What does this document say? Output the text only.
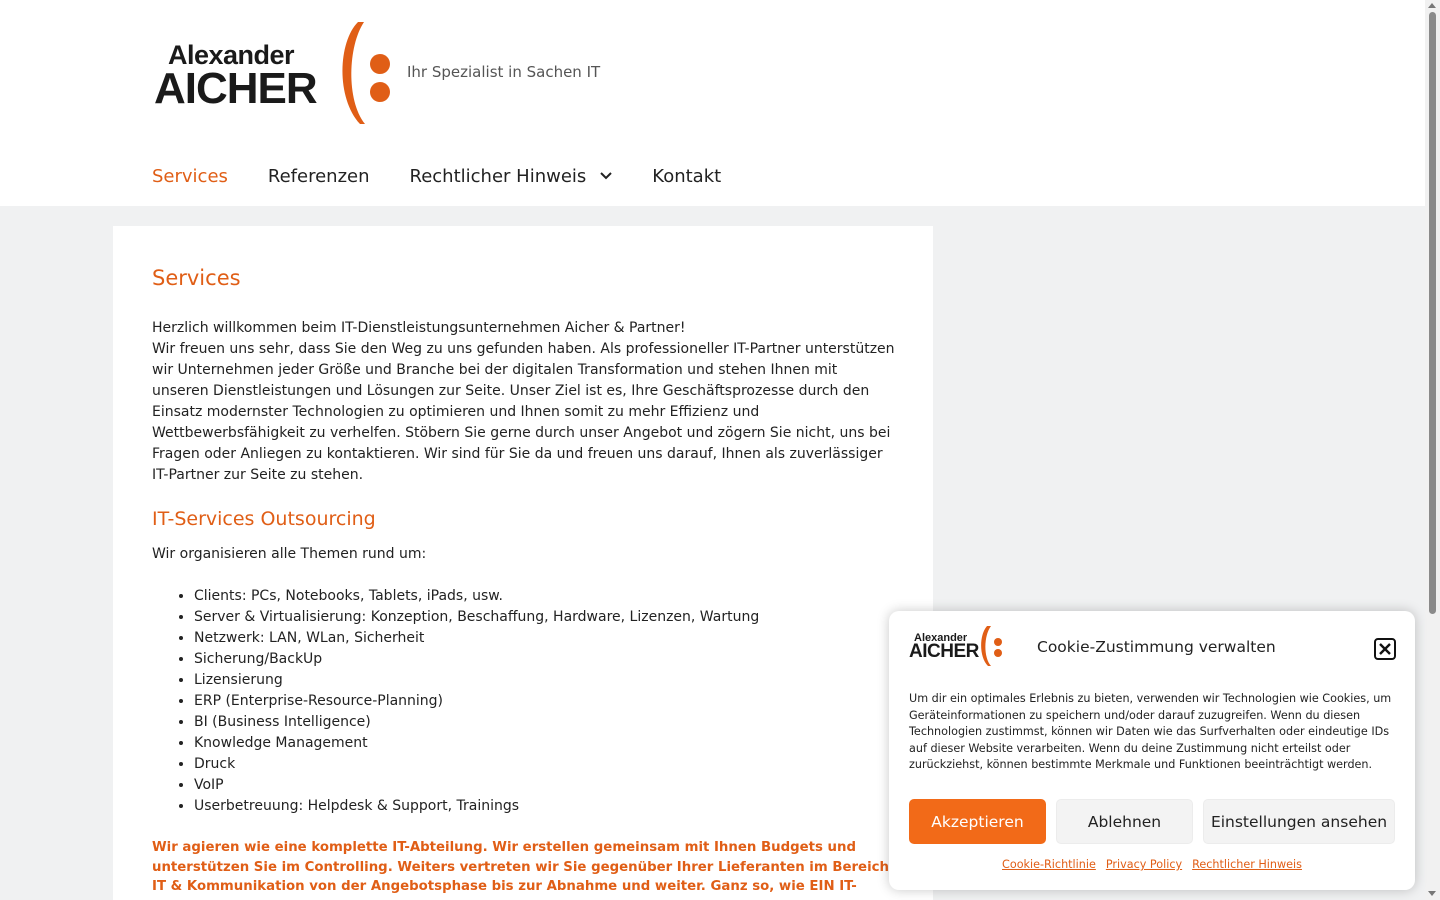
Alexander
AICHER	Ihr Spezialist in Sachen IT
Services Referenzen Rechtlicher Hinweis	Kontakt
Services

Herzlich willkommen beim IT-Dienstleistungsunternehmen Aicher & Partner!
Wir freuen uns sehr, dass Sie den Weg zu uns gefunden haben. Als professioneller IT-Partner unterstützen wir Unternehmen jeder Größe und Branche bei der digitalen Transformation und stehen Ihnen mit unseren Dienstleistungen und Lösungen zur Seite. Unser Ziel ist es, Ihre Geschäftsprozesse durch den Einsatz modernster Technologien zu optimieren und Ihnen somit zu mehr Effizienz und Wettbewerbsfähigkeit zu verhelfen. Stöbern Sie gerne durch unser Angebot und zögern Sie nicht, uns bei Fragen oder Anliegen zu kontaktieren. Wir sind für Sie da und freuen uns darauf, Ihnen als zuverlässiger IT-Partner zur Seite zu stehen.

IT-Services Outsourcing

Wir organisieren alle Themen rund um:

• Clients: PCs, Notebooks, Tablets, iPads, usw.
• Server & Virtualisierung: Konzeption, Beschaffung, Hardware, Lizenzen, Wartung
• Netzwerk: LAN, WLan, Sicherheit
• Sicherung/BackUp
• Lizensierung
• ERP (Enterprise-Resource-Planning)
• BI (Business Intelligence)
• Knowledge Management
• Druck
• VoIP
• Userbetreuung: Helpdesk & Support, Trainings

Wir agieren wie eine komplette IT-Abteilung. Wir erstellen gemeinsam mit Ihnen Budgets und unterstützen Sie im Controlling. Weiters vertreten wir Sie gegenüber Ihrer Lieferanten im Bereich IT & Kommunikation von der Angebotsphase bis zur Abnahme und weiter. Ganz so, wie EIN IT-

Alexander
AICHER	Cookie-Zustimmung verwalten

Um dir ein optimales Erlebnis zu bieten, verwenden wir Technologien wie Cookies, um Geräteinformationen zu speichern und/oder darauf zuzugreifen. Wenn du diesen Technologien zustimmst, können wir Daten wie das Surfverhalten oder eindeutige IDs auf dieser Website verarbeiten. Wenn du deine Zustimmung nicht erteilst oder zurückziehst, können bestimmte Merkmale und Funktionen beeinträchtigt werden.

Akzeptieren	Ablehnen	Einstellungen ansehen
Cookie-Richtlinie Privacy Policy Rechtlicher Hinweis
